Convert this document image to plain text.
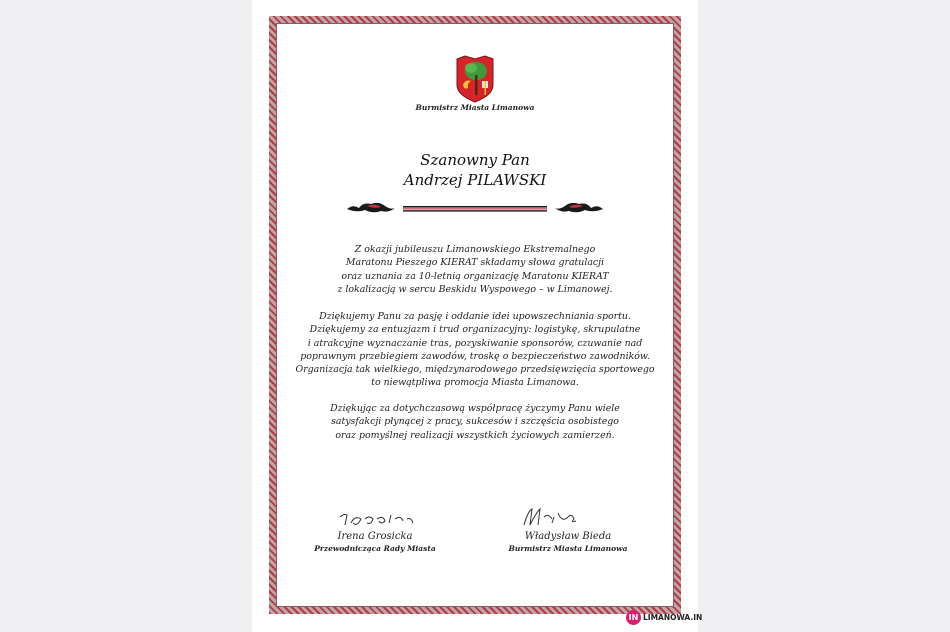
Burmistrz Miasta Limanowa
Szanowny Pan
Andrzej PILAWSKI
Z okazji jubileuszu Limanowskiego Ekstremalnego
Maratonu Pieszego KIERAT składamy słowa gratulacji
oraz uznania za 10-letnią organizację Maratonu KIERAT
z lokalizacją w sercu Beskidu Wyspowego – w Limanowej.
Dziękujemy Panu za pasję i oddanie idei upowszechniania sportu.
Dziękujemy za entuzjazm i trud organizacyjny: logistykę, skrupulatne
i atrakcyjne wyznaczanie tras, pozyskiwanie sponsorów, czuwanie nad
poprawnym przebiegiem zawodów, troskę o bezpieczeństwo zawodników.
Organizacja tak wielkiego, międzynarodowego przedsięwzięcia sportowego
to niewątpliwa promocja Miasta Limanowa.
Dziękując za dotychczasową współpracę życzymy Panu wiele
satysfakcji płynącej z pracy, sukcesów i szczęścia osobistego
oraz pomyślnej realizacji wszystkich życiowych zamierzeń.
Irena Grosicka
Przewodnicząca Rady Miasta
Władysław Bieda
Burmistrz Miasta Limanowa
IN LIMANOWA.IN
